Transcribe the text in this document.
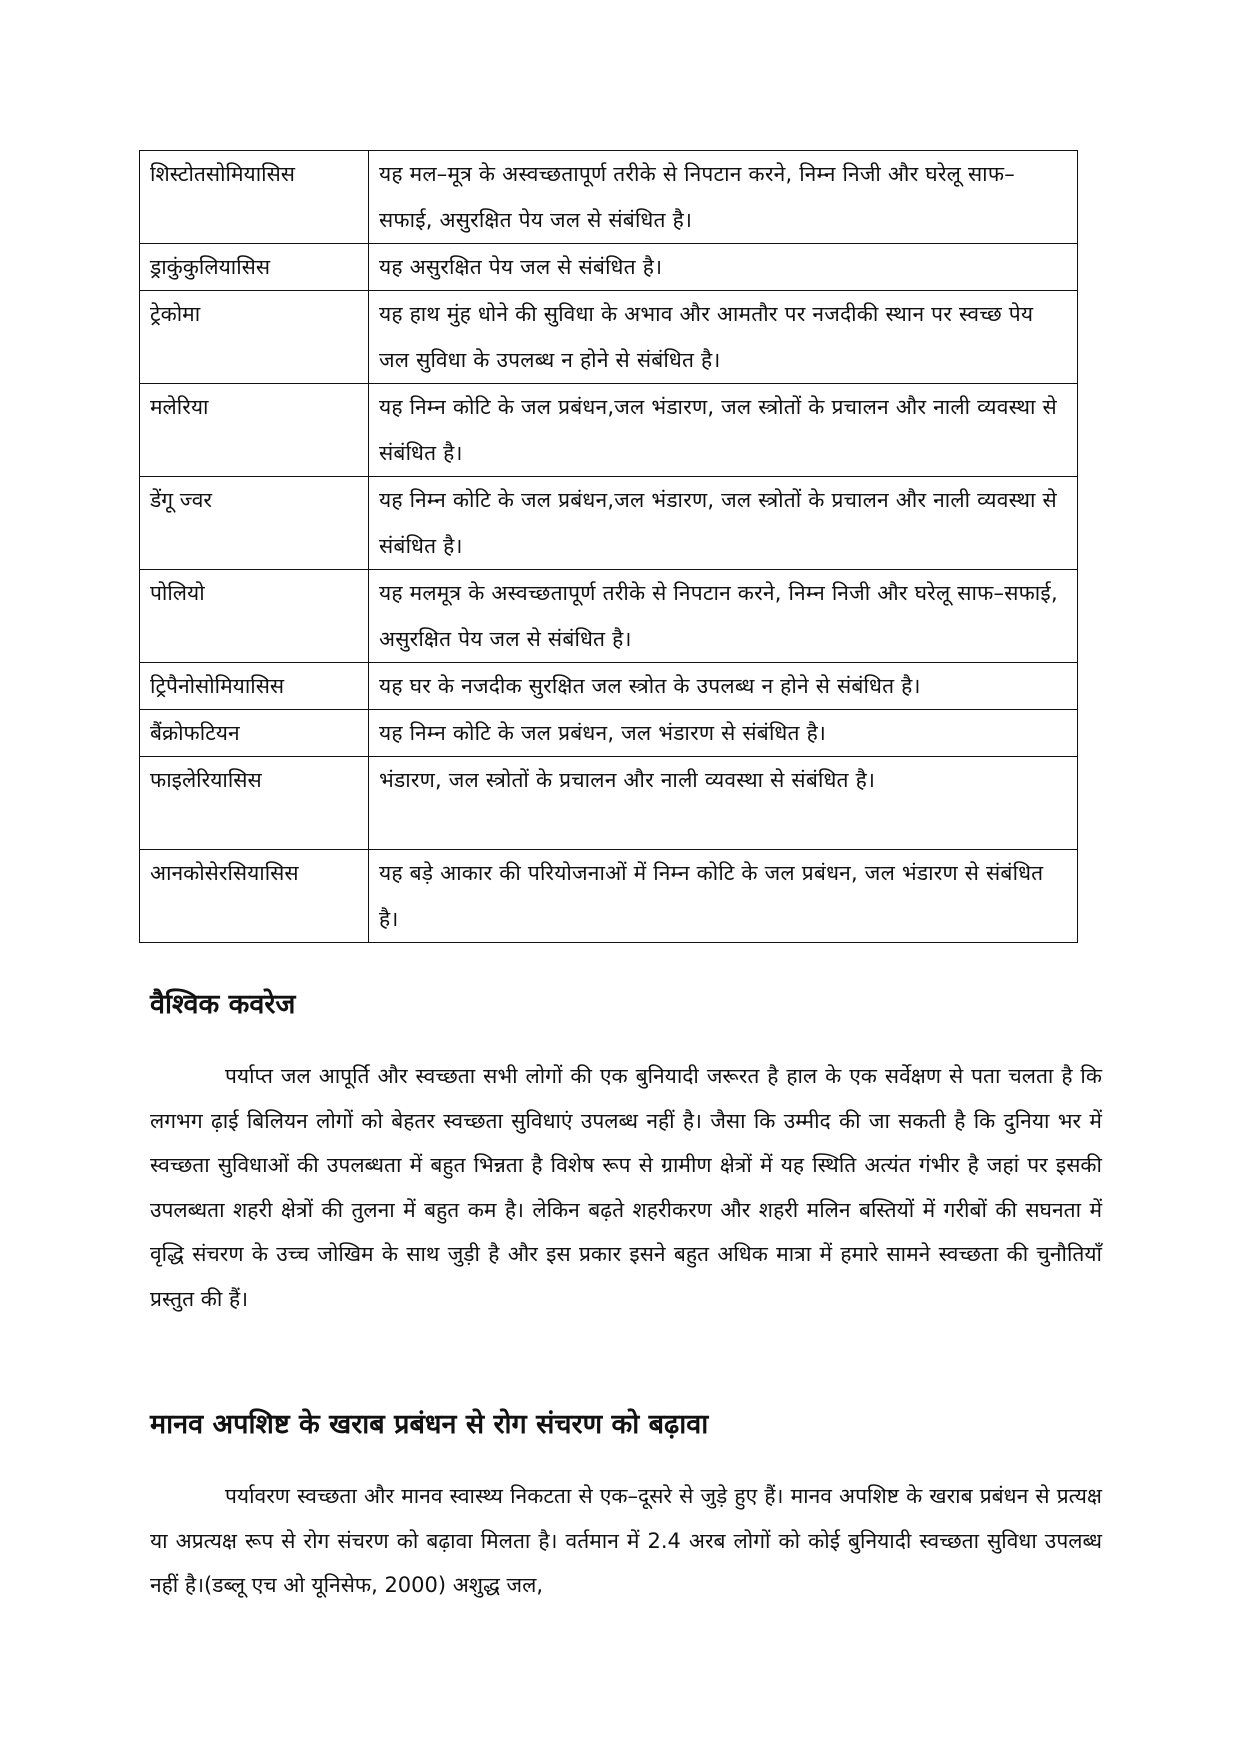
शिस्टोतसोमियासिस	यह मल–मूत्र के अस्वच्छतापूर्ण तरीके से निपटान करने, निम्न निजी और घरेलू साफ–सफाई, असुरक्षित पेय जल से संबंधित है।
ड्राकुंकुलियासिस	यह असुरक्षित पेय जल से संबंधित है।
ट्रेकोमा	यह हाथ मुंह धोने की सुविधा के अभाव और आमतौर पर नजदीकी स्थान पर स्वच्छ पेय जल सुविधा के उपलब्ध न होने से संबंधित है।
मलेरिया	यह निम्न कोटि के जल प्रबंधन,जल भंडारण, जल स्त्रोतों के प्रचालन और नाली व्यवस्था से संबंधित है।
डेंगू ज्वर	यह निम्न कोटि के जल प्रबंधन,जल भंडारण, जल स्त्रोतों के प्रचालन और नाली व्यवस्था से संबंधित है।
पोलियो	यह मलमूत्र के अस्वच्छतापूर्ण तरीके से निपटान करने, निम्न निजी और घरेलू साफ–सफाई, असुरक्षित पेय जल से संबंधित है।
ट्रिपैनोसोमियासिस	यह घर के नजदीक सुरक्षित जल स्त्रोत के उपलब्ध न होने से संबंधित है।
बैंक्रोफटियन	यह निम्न कोटि के जल प्रबंधन, जल भंडारण से संबंधित है।
फाइलेरियासिस	भंडारण, जल स्त्रोतों के प्रचालन और नाली व्यवस्था से संबंधित है।
आनकोसेरसियासिस	यह बड़े आकार की परियोजनाओं में निम्न कोटि के जल प्रबंधन, जल भंडारण से संबंधित है।
वैश्विक कवरेज

पर्याप्त जल आपूर्ति और स्वच्छता सभी लोगों की एक बुनियादी जरूरत है हाल के एक सर्वेक्षण से पता चलता है कि लगभग ढ़ाई बिलियन लोगों को बेहतर स्वच्छता सुविधाएं उपलब्ध नहीं है। जैसा कि उम्मीद की जा सकती है कि दुनिया भर में स्वच्छता सुविधाओं की उपलब्धता में बहुत भिन्नता है विशेष रूप से ग्रामीण क्षेत्रों में यह स्थिति अत्यंत गंभीर है जहां पर इसकी उपलब्धता शहरी क्षेत्रों की तुलना में बहुत कम है। लेकिन बढ़ते शहरीकरण और शहरी मलिन बस्तियों में गरीबों की सघनता में वृद्धि संचरण के उच्च जोखिम के साथ जुड़ी है और इस प्रकार इसने बहुत अधिक मात्रा में हमारे सामने स्वच्छता की चुनौतियॉं प्रस्तुत की हैं।

मानव अपशिष्ट के खराब प्रबंधन से रोग संचरण को बढ़ावा

पर्यावरण स्वच्छता और मानव स्वास्थ्य निकटता से एक–दूसरे से जुड़े हुए हैं। मानव अपशिष्ट के खराब प्रबंधन से प्रत्यक्ष या अप्रत्यक्ष रूप से रोग संचरण को बढ़ावा मिलता है। वर्तमान में 2.4 अरब लोगों को कोई बुनियादी स्वच्छता सुविधा उपलब्ध नहीं है।(डब्लू एच ओ यूनिसेफ, 2000) अशुद्ध जल,
